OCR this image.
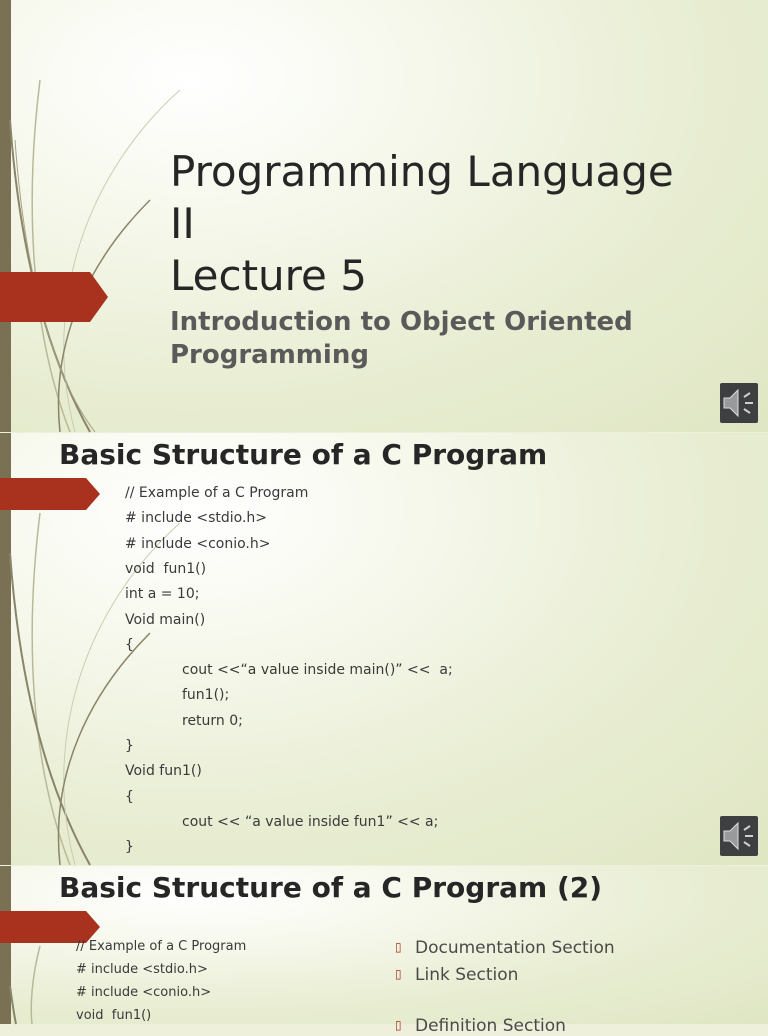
Programming Language
II
Lecture 5

Introduction to Object Oriented
Programming

Basic Structure of a C Program
// Example of a C Program
# include <stdio.h>
# include <conio.h>
void  fun1()
int a = 10;
Void main()
{
cout <<“a value inside main()” <<  a;
fun1();
return 0;
}
Void fun1()
{
cout << “a value inside fun1” << a;
}
Basic Structure of a C Program (2)
// Example of a C Program
# include <stdio.h>
# include <conio.h>
void  fun1()
▯ Documentation Section
▯ Link Section
▯ Definition Section
